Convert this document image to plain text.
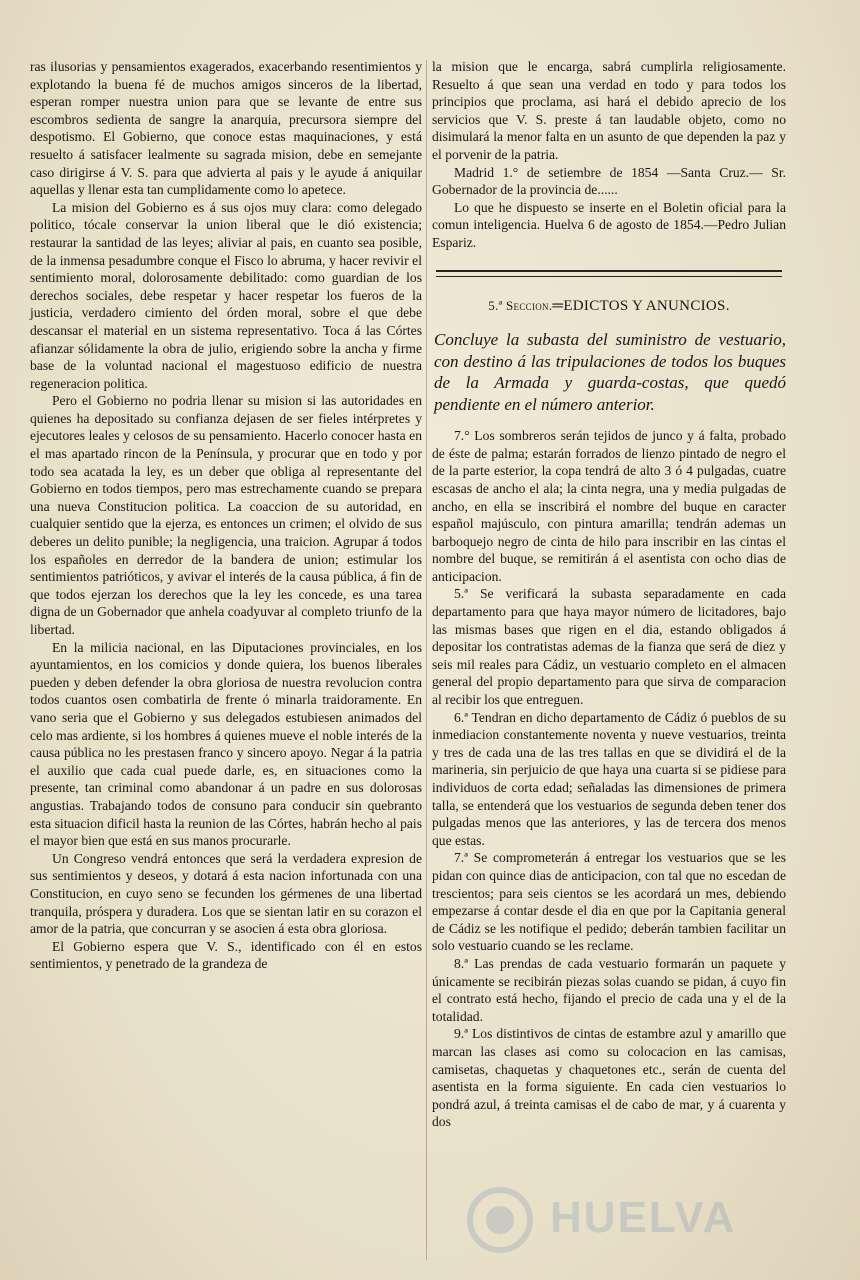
ras ilusorias y pensamientos exagerados, exacerbando resentimientos y explotando la buena fé de muchos amigos sinceros de la libertad, esperan romper nuestra union para que se levante de entre sus escombros sedienta de sangre la anarquia, precursora siempre del despotismo. El Gobierno, que conoce estas maquinaciones, y está resuelto á satisfacer lealmente su sagrada mision, debe en semejante caso dirigirse á V. S. para que advierta al pais y le ayude á aniquilar aquellas y llenar esta tan cumplidamente como lo apetece.

La mision del Gobierno es á sus ojos muy clara: como delegado politico, tócale conservar la union liberal que le dió existencia; restaurar la santidad de las leyes; aliviar al pais, en cuanto sea posible, de la inmensa pesadumbre conque el Fisco lo abruma, y hacer revivir el sentimiento moral, dolorosamente debilitado: como guardian de los derechos sociales, debe respetar y hacer respetar los fueros de la justicia, verdadero cimiento del órden moral, sobre el que debe descansar el material en un sistema representativo. Toca á las Córtes afianzar sólidamente la obra de julio, erigiendo sobre la ancha y firme base de la voluntad nacional el magestuoso edificio de nuestra regeneracion politica.

Pero el Gobierno no podria llenar su mision si las autoridades en quienes ha depositado su confianza dejasen de ser fieles intérpretes y ejecutores leales y celosos de su pensamiento. Hacerlo conocer hasta en el mas apartado rincon de la Península, y procurar que en todo y por todo sea acatada la ley, es un deber que obliga al representante del Gobierno en todos tiempos, pero mas estrechamente cuando se prepara una nueva Constitucion politica. La coaccion de su autoridad, en cualquier sentido que la ejerza, es entonces un crimen; el olvido de sus deberes un delito punible; la negligencia, una traicion. Agrupar á todos los españoles en derredor de la bandera de union; estimular los sentimientos patrióticos, y avivar el interés de la causa pública, á fin de que todos ejerzan los derechos que la ley les concede, es una tarea digna de un Gobernador que anhela coadyuvar al completo triunfo de la libertad.

En la milicia nacional, en las Diputaciones provinciales, en los ayuntamientos, en los comicios y donde quiera, los buenos liberales pueden y deben defender la obra gloriosa de nuestra revolucion contra todos cuantos osen combatirla de frente ó minarla traidoramente. En vano seria que el Gobierno y sus delegados estubiesen animados del celo mas ardiente, si los hombres á quienes mueve el noble interés de la causa pública no les prestasen franco y sincero apoyo. Negar á la patria el auxilio que cada cual puede darle, es, en situaciones como la presente, tan criminal como abandonar á un padre en sus dolorosas angustias. Trabajando todos de consuno para conducir sin quebranto esta situacion dificil hasta la reunion de las Córtes, habrán hecho al pais el mayor bien que está en sus manos procurarle.

Un Congreso vendrá entonces que será la verdadera expresion de sus sentimientos y deseos, y dotará á esta nacion infortunada con una Constitucion, en cuyo seno se fecunden los gérmenes de una libertad tranquila, próspera y duradera. Los que se sientan latir en su corazon el amor de la patria, que concurran y se asocien á esta obra gloriosa.

El Gobierno espera que V. S., identificado con él en estos sentimientos, y penetrado de la grandeza de

la mision que le encarga, sabrá cumplirla religiosamente. Resuelto á que sean una verdad en todo y para todos los principios que proclama, asi hará el debido aprecio de los servicios que V. S. preste á tan laudable objeto, como no disimulará la menor falta en un asunto de que dependen la paz y el porvenir de la patria.

Madrid 1.° de setiembre de 1854 —Santa Cruz.— Sr. Gobernador de la provincia de......

Lo que he dispuesto se inserte en el Boletin oficial para la comun inteligencia. Huelva 6 de agosto de 1854.—Pedro Julian Espariz.

5.ª Seccion.═EDICTOS Y ANUNCIOS.

Concluye la subasta del suministro de vestuario, con destino á las tripulaciones de todos los buques de la Armada y guarda-costas, que quedó pendiente en el número anterior.

7.° Los sombreros serán tejidos de junco y á falta, probado de éste de palma; estarán forrados de lienzo pintado de negro el de la parte esterior, la copa tendrá de alto 3 ó 4 pulgadas, cuatre escasas de ancho el ala; la cinta negra, una y media pulgadas de ancho, en ella se inscribirá el nombre del buque en caracter español majúsculo, con pintura amarilla; tendrán ademas un barboquejo negro de cinta de hilo para inscribir en las cintas el nombre del buque, se remitirán á el asentista con ocho dias de anticipacion.

5.ª Se verificará la subasta separadamente en cada departamento para que haya mayor número de licitadores, bajo las mismas bases que rigen en el dia, estando obligados á depositar los contratistas ademas de la fianza que será de diez y seis mil reales para Cádiz, un vestuario completo en el almacen general del propio departamento para que sirva de comparacion al recibir los que entreguen.

6.ª Tendran en dicho departamento de Cádiz ó pueblos de su inmediacion constantemente noventa y nueve vestuarios, treinta y tres de cada una de las tres tallas en que se dividirá el de la marineria, sin perjuicio de que haya una cuarta si se pidiese para individuos de corta edad; señaladas las dimensiones de primera talla, se entenderá que los vestuarios de segunda deben tener dos pulgadas menos que las anteriores, y las de tercera dos menos que estas.

7.ª Se comprometerán á entregar los vestuarios que se les pidan con quince dias de anticipacion, con tal que no escedan de trescientos; para seis cientos se les acordará un mes, debiendo empezarse á contar desde el dia en que por la Capitania general de Cádiz se les notifique el pedido; deberán tambien facilitar un solo vestuario cuando se les reclame.

8.ª Las prendas de cada vestuario formarán un paquete y únicamente se recibirán piezas solas cuando se pidan, á cuyo fin el contrato está hecho, fijando el precio de cada una y el de la totalidad.

9.ª Los distintivos de cintas de estambre azul y amarillo que marcan las clases asi como su colocacion en las camisas, camisetas, chaquetas y chaquetones etc., serán de cuenta del asentista en la forma siguiente. En cada cien vestuarios lo pondrá azul, á treinta camisas el de cabo de mar, y á cuarenta y dos

HUELVA
